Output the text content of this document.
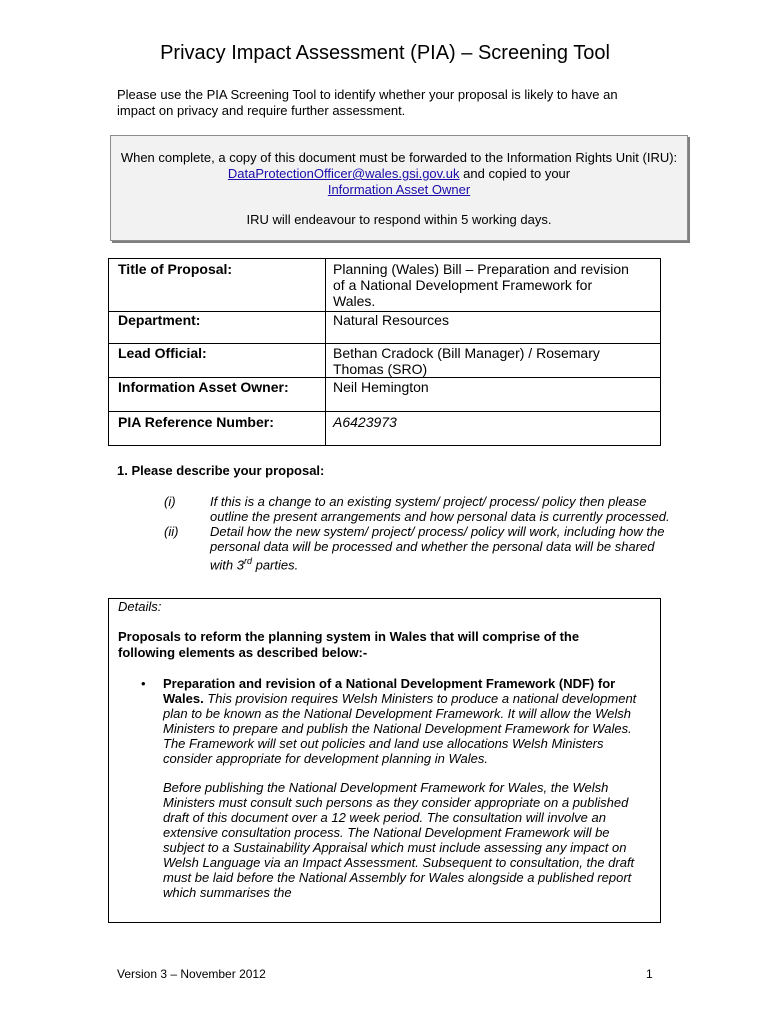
Privacy Impact Assessment (PIA) – Screening Tool
Please use the PIA Screening Tool to identify whether your proposal is likely to have an impact on privacy and require further assessment.
When complete, a copy of this document must be forwarded to the Information Rights Unit (IRU): DataProtectionOfficer@wales.gsi.gov.uk and copied to your
Information Asset Owner
IRU will endeavour to respond within 5 working days.
Title of Proposal:	Planning (Wales) Bill – Preparation and revision of a National Development Framework for Wales.
Department:	Natural Resources
Lead Official:	Bethan Cradock (Bill Manager) / Rosemary Thomas (SRO)
Information Asset Owner:	Neil Hemington
PIA Reference Number:	A6423973
1. Please describe your proposal:
(i)	If this is a change to an existing system/ project/ process/ policy then please outline the present arrangements and how personal data is currently processed.
(ii) Detail how the new system/ project/ process/ policy will work, including how the personal data will be processed and whether the personal data will be shared with 3rd parties.
Details:
Proposals to reform the planning system in Wales that will comprise of the following elements as described below:-
• Preparation and revision of a National Development Framework (NDF) for Wales. This provision requires Welsh Ministers to produce a national development plan to be known as the National Development Framework. It will allow the Welsh Ministers to prepare and publish the National Development Framework for Wales. The Framework will set out policies and land use allocations Welsh Ministers consider appropriate for development planning in Wales.
Before publishing the National Development Framework for Wales, the Welsh Ministers must consult such persons as they consider appropriate on a published draft of this document over a 12 week period. The consultation will involve an extensive consultation process. The National Development Framework will be subject to a Sustainability Appraisal which must include assessing any impact on Welsh Language via an Impact Assessment. Subsequent to consultation, the draft must be laid before the National Assembly for Wales alongside a published report which summarises the
Version 3 – November 2012	1
